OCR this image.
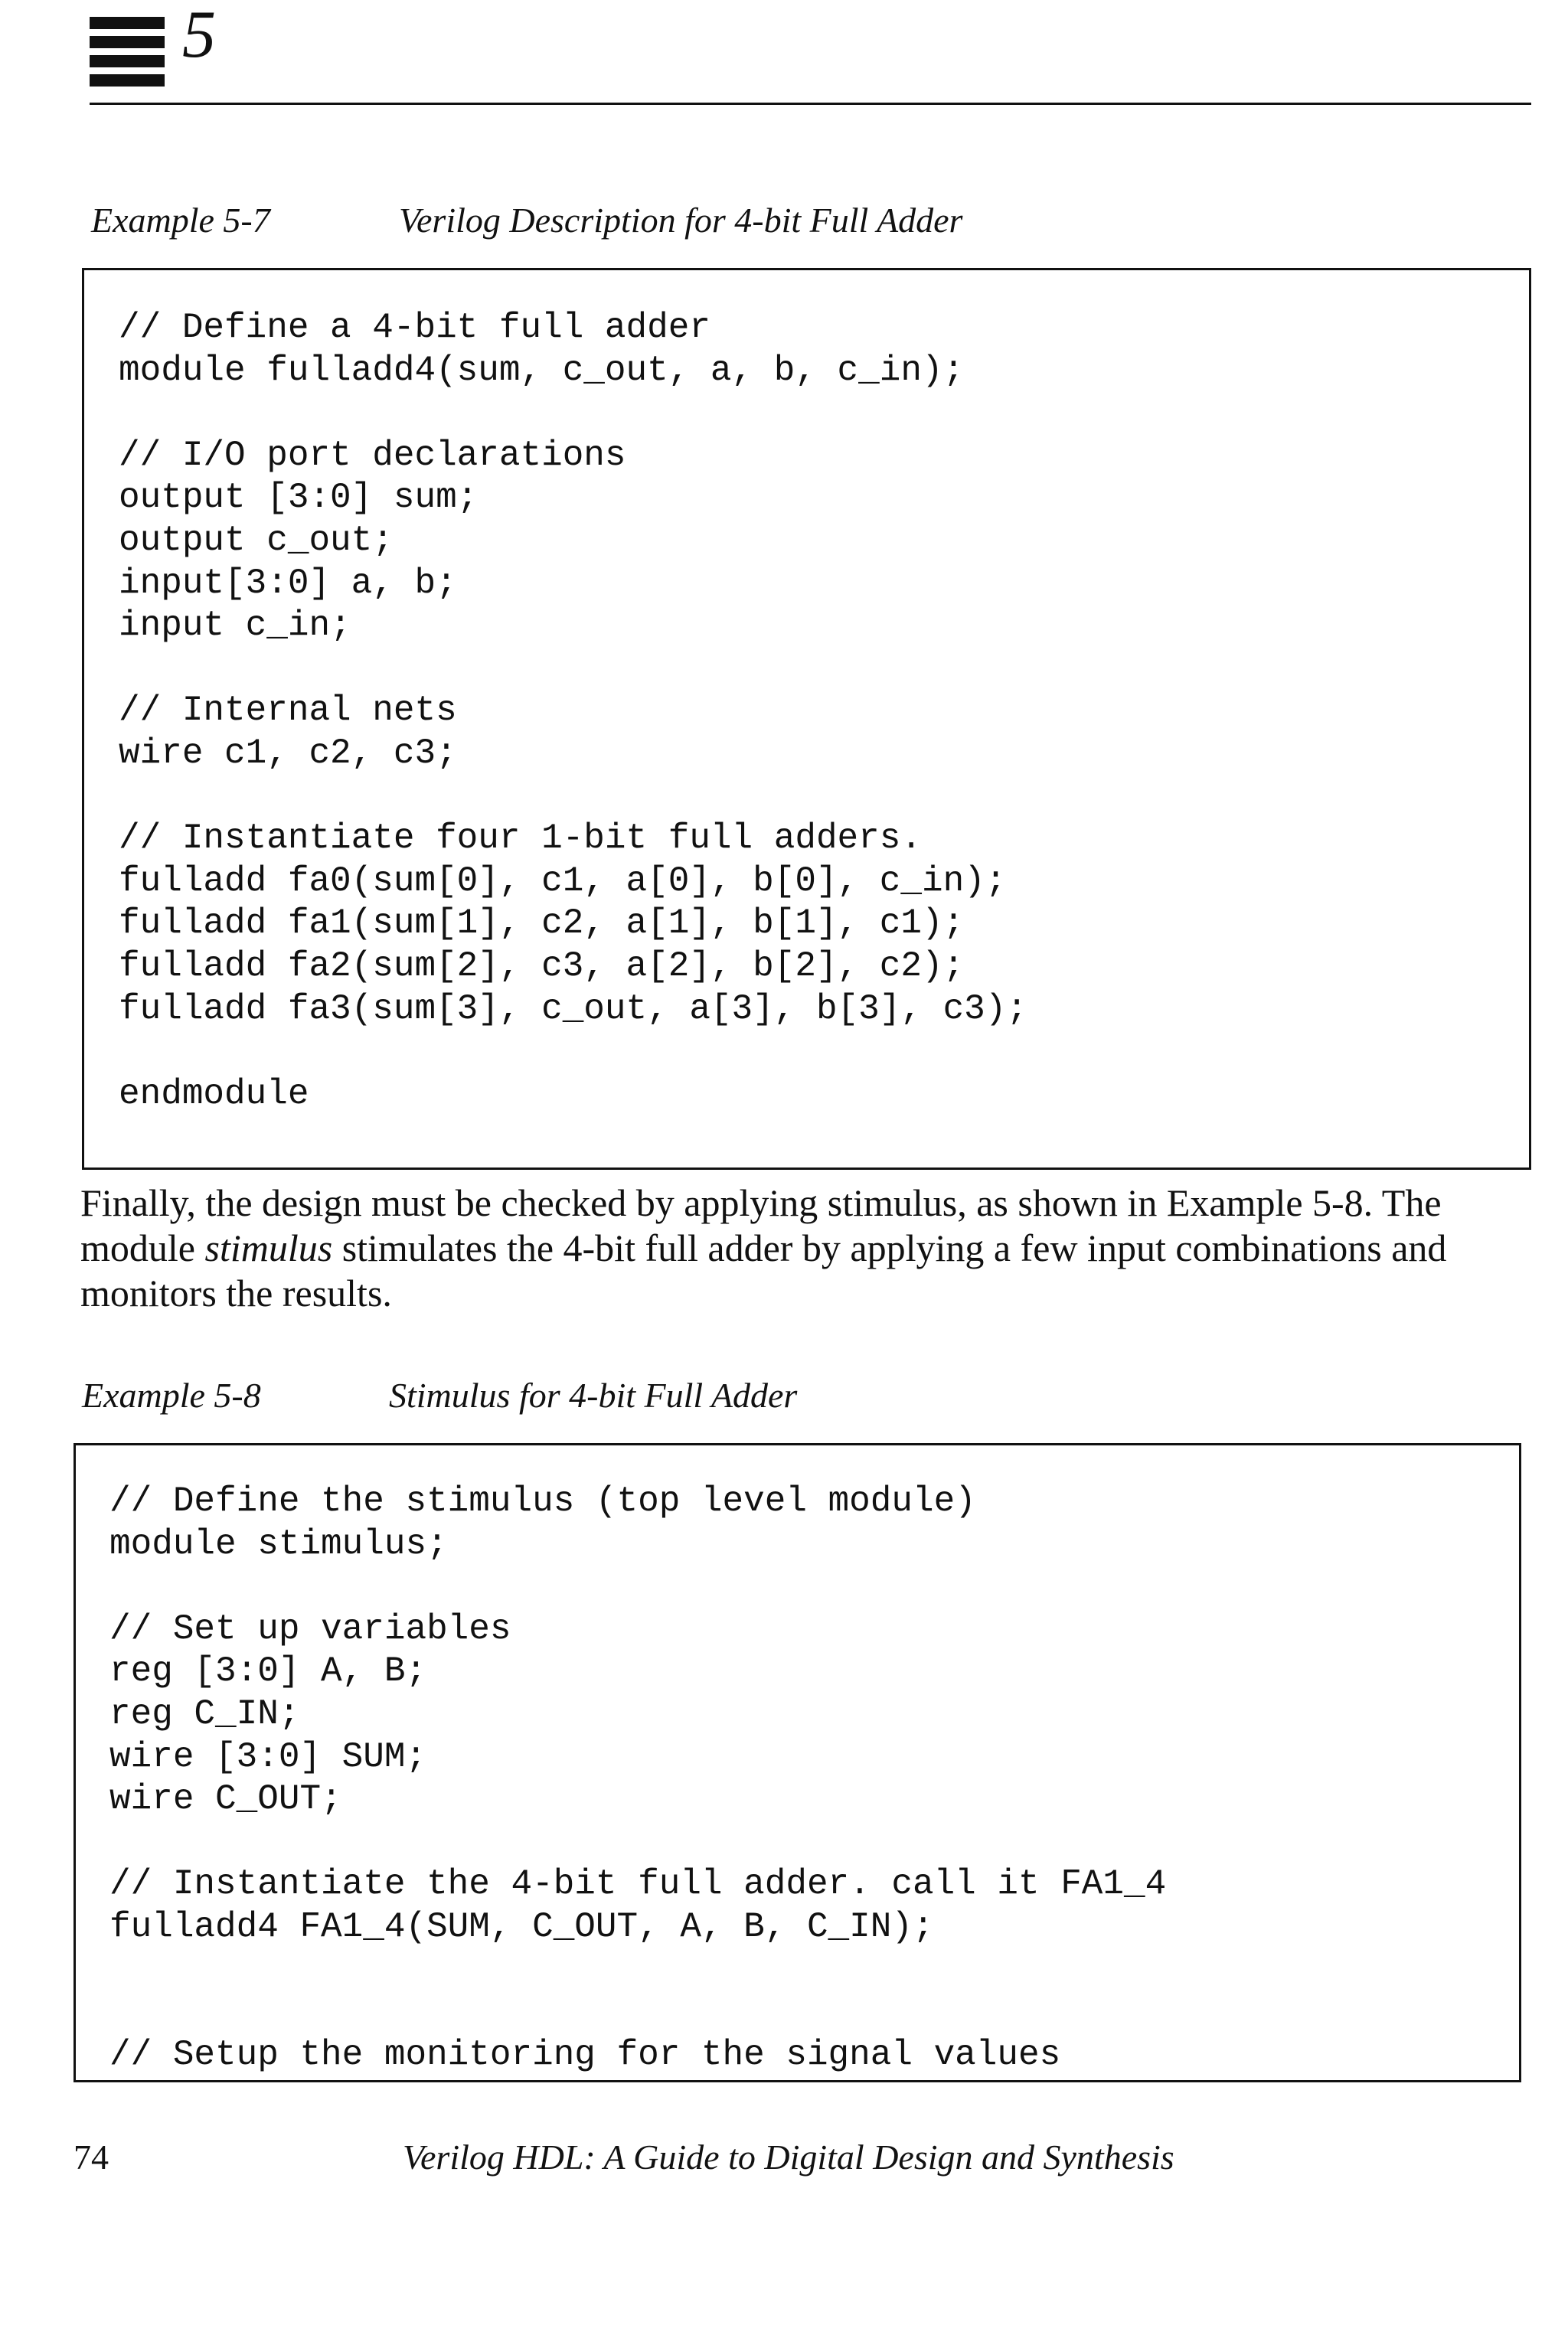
5
Example 5-7	Verilog Description for 4-bit Full Adder
// Define a 4-bit full adder
module fulladd4(sum, c_out, a, b, c_in);

// I/O port declarations
output [3:0] sum;
output c_out;
input[3:0] a, b;
input c_in;

// Internal nets
wire c1, c2, c3;

// Instantiate four 1-bit full adders.
fulladd fa0(sum[0], c1, a[0], b[0], c_in);
fulladd fa1(sum[1], c2, a[1], b[1], c1);
fulladd fa2(sum[2], c3, a[2], b[2], c2);
fulladd fa3(sum[3], c_out, a[3], b[3], c3);

endmodule

Finally, the design must be checked by applying stimulus, as shown in Example 5-8. The module stimulus stimulates the 4-bit full adder by applying a few input combinations and monitors the results.

Example 5-8	Stimulus for 4-bit Full Adder
// Define the stimulus (top level module)
module stimulus;

// Set up variables
reg [3:0] A, B;
reg C_IN;
wire [3:0] SUM;
wire C_OUT;

// Instantiate the 4-bit full adder. call it FA1_4
fulladd4 FA1_4(SUM, C_OUT, A, B, C_IN);

// Setup the monitoring for the signal values
74	Verilog HDL: A Guide to Digital Design and Synthesis
